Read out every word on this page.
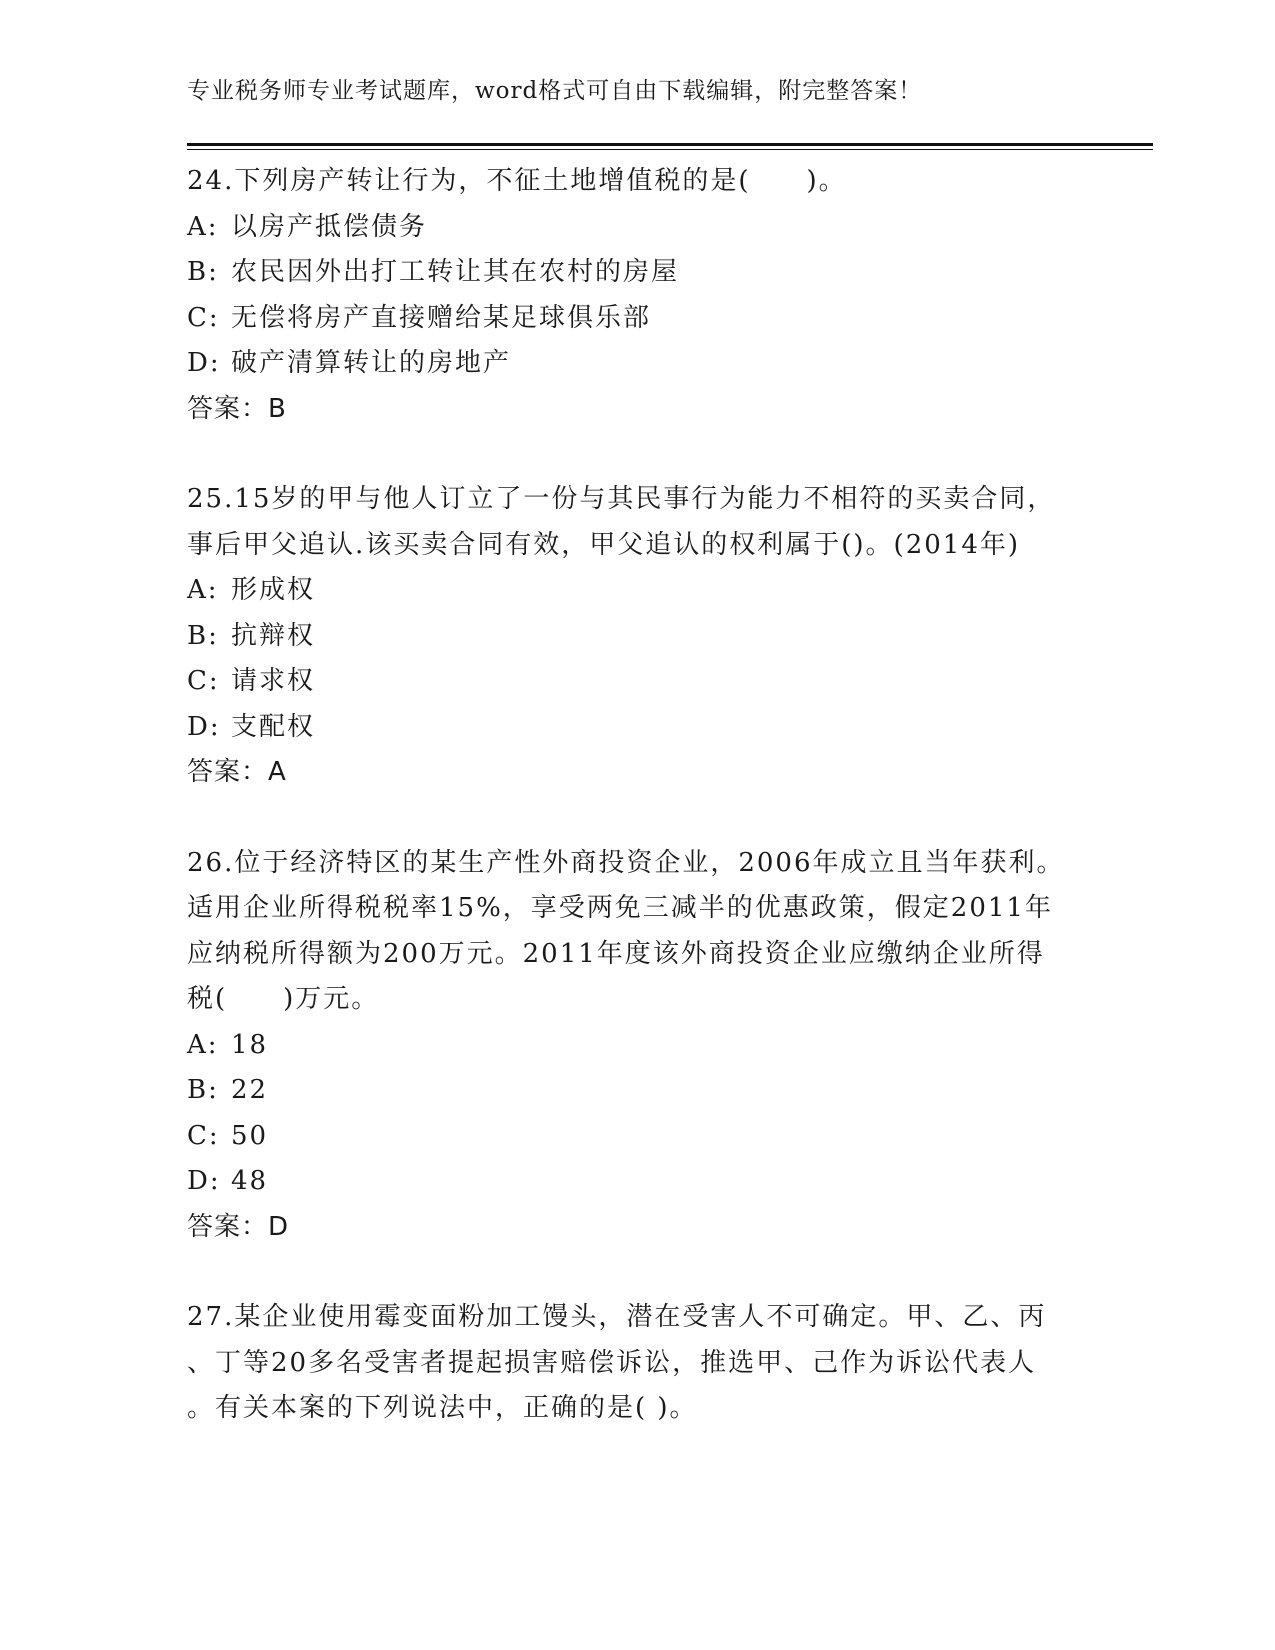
专业税务师专业考试题库，word格式可自由下载编辑，附完整答案！
24.下列房产转让行为，不征土地增值税的是(　　)。
A: 以房产抵偿债务
B: 农民因外出打工转让其在农村的房屋
C: 无偿将房产直接赠给某足球俱乐部
D: 破产清算转让的房地产
答案：B
25.15岁的甲与他人订立了一份与其民事行为能力不相符的买卖合同，
事后甲父追认.该买卖合同有效，甲父追认的权利属于()。(2014年)
A: 形成权
B: 抗辩权
C: 请求权
D: 支配权
答案：A
26.位于经济特区的某生产性外商投资企业，2006年成立且当年获利。
适用企业所得税税率15%，享受两免三减半的优惠政策，假定2011年
应纳税所得额为200万元。2011年度该外商投资企业应缴纳企业所得
税(　　)万元。
A: 18
B: 22
C: 50
D: 48
答案：D
27.某企业使用霉变面粉加工馒头，潜在受害人不可确定。甲、乙、丙
、丁等20多名受害者提起损害赔偿诉讼，推选甲、己作为诉讼代表人
。有关本案的下列说法中，正确的是( )。
